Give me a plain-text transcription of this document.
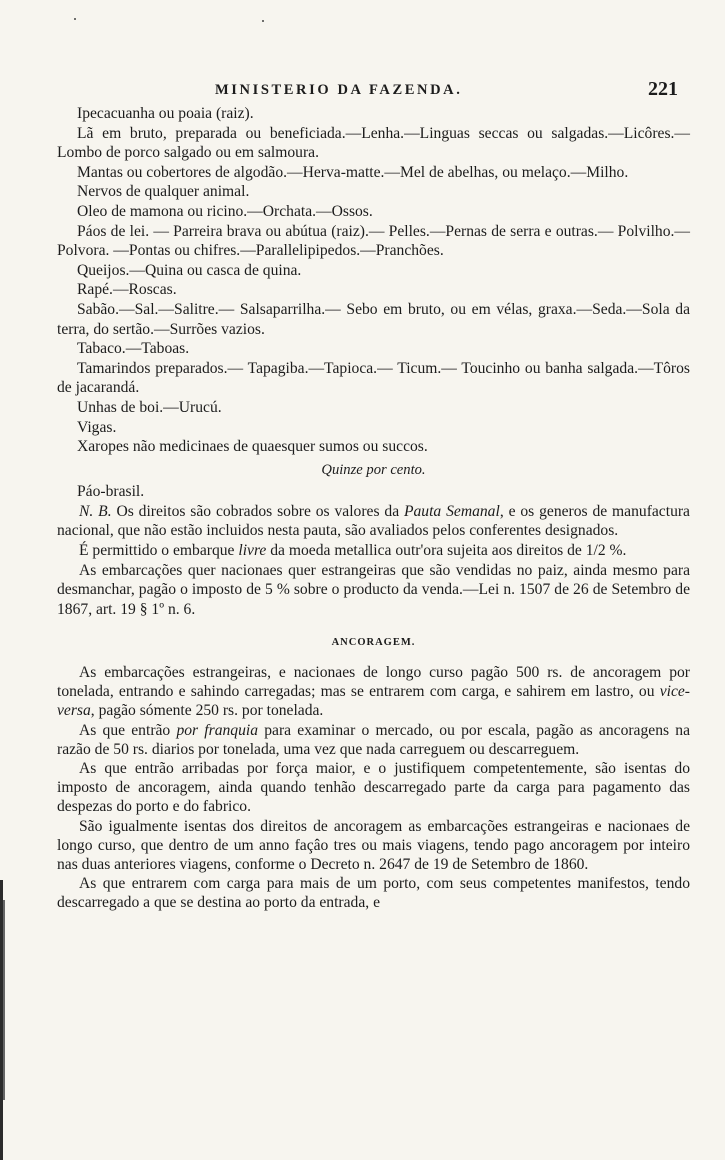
MINISTERIO DA FAZENDA.	221

Ipecacuanha ou poaia (raiz).

Lã em bruto, preparada ou beneficiada.—Lenha.—Linguas seccas ou salgadas.—Licôres.—Lombo de porco salgado ou em salmoura.

Mantas ou cobertores de algodão.—Herva-matte.—Mel de abelhas, ou melaço.—Milho.

Nervos de qualquer animal.

Oleo de mamona ou ricino.—Orchata.—Ossos.

Páos de lei. — Parreira brava ou abútua (raiz).— Pelles.—Pernas de serra e outras.— Polvilho.—Polvora. —Pontas ou chifres.—Parallelipipedos.—Pranchões.

Queijos.—Quina ou casca de quina.

Rapé.—Roscas.

Sabão.—Sal.—Salitre.— Salsaparrilha.— Sebo em bruto, ou em vélas, graxa.—Seda.—Sola da terra, do sertão.—Surrões vazios.

Tabaco.—Taboas.

Tamarindos preparados.— Tapagiba.—Tapioca.— Ticum.— Toucinho ou banha salgada.—Tôros de jacarandá.

Unhas de boi.—Urucú.

Vigas.

Xaropes não medicinaes de quaesquer sumos ou succos.

Quinze por cento.

Páo-brasil.

N. B. Os direitos são cobrados sobre os valores da Pauta Semanal, e os generos de manufactura nacional, que não estão incluidos nesta pauta, são avaliados pelos conferentes designados.

É permittido o embarque livre da moeda metallica outr'ora sujeita aos direitos de 1/2 %.

As embarcações quer nacionaes quer estrangeiras que são vendidas no paiz, ainda mesmo para desmanchar, pagão o imposto de 5 % sobre o producto da venda.—Lei n. 1507 de 26 de Setembro de 1867, art. 19 § 1º n. 6.

ANCORAGEM.

As embarcações estrangeiras, e nacionaes de longo curso pagão 500 rs. de ancoragem por tonelada, entrando e sahindo carregadas; mas se entrarem com carga, e sahirem em lastro, ou vice-versa, pagão sómente 250 rs. por tonelada.

As que entrão por franquia para examinar o mercado, ou por escala, pagão as ancoragens na razão de 50 rs. diarios por tonelada, uma vez que nada carreguem ou descarreguem.

As que entrão arribadas por força maior, e o justifiquem competentemente, são isentas do imposto de ancoragem, ainda quando tenhão descarregado parte da carga para pagamento das despezas do porto e do fabrico.

São igualmente isentas dos direitos de ancoragem as embarcações estrangeiras e nacionaes de longo curso, que dentro de um anno façâo tres ou mais viagens, tendo pago ancoragem por inteiro nas duas anteriores viagens, conforme o Decreto n. 2647 de 19 de Setembro de 1860.

As que entrarem com carga para mais de um porto, com seus competentes manifestos, tendo descarregado a que se destina ao porto da entrada, e
